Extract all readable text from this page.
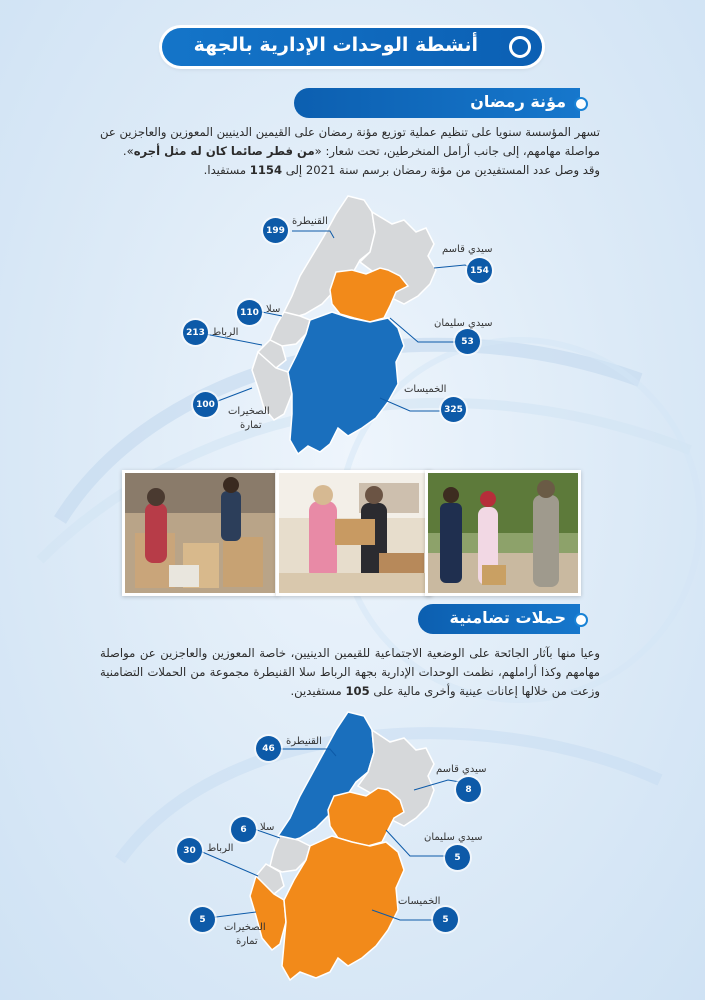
أنشطة الوحدات الإدارية بالجهة
مؤنة رمضان
تسهر المؤسسة سنويا على تنظيم عملية توزيع مؤنة رمضان على القيمين الدينيين المعوزين والعاجزين عن مواصلة مهامهم، إلى جانب أرامل المنخرطين، تحت شعار: «من فطر صائما كان له مثل أجره».
وقد وصل عدد المستفيدين من مؤنة رمضان برسم سنة 2021 إلى 1154 مستفيدا.
199
القنيطرة
154
سيدي قاسم
53
سيدي سليمان
110 سلا
213 الرباط
100
الصخيرات
تمارة
325
الخميسات
حملات تضامنية
وعيا منها بآثار الجائحة على الوضعية الاجتماعية للقيمين الدينيين، خاصة المعوزين والعاجزين عن مواصلة مهامهم وكذا أراملهم، نظمت الوحدات الإدارية بجهة الرباط سلا القنيطرة مجموعة من الحملات التضامنية وزعت من خلالها إعانات عينية وأخرى مالية على 105 مستفيدين.
46
القنيطرة
8
سيدي قاسم
5
سيدي سليمان
6	سلا
30	الرباط
5
الصخيرات
تمارة
5
الخميسات
